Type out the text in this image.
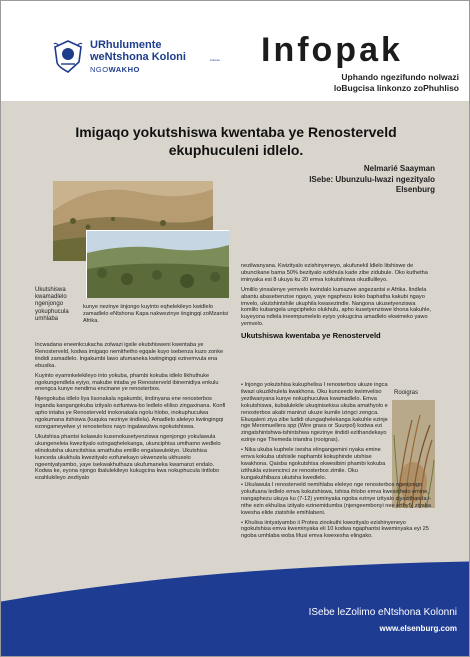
URhulumente
weNtshona Koloni	Kolonie
NGOWAKHO
Infopak
Uphando ngezifundo nolwazi
loBugcisa linkonzo zoPhuhliso
Imigaqo yokutshiswa kwentaba ye Renosterveld ekuphuculeni idlelo.
Nelmarié Saayman
ISebe: Ubunzulu-lwazi ngezityalo
Elsenburg
Ukutshiswa kwamadlelo ngenjongo yokuphucula umhlaba

kunye nezinye iinjongo kuyinto eqhelekileyo kwidlelo zamadlelo eNtshona Kapa nakwezinye iingingqi zoMzantsi Afrika.

Incwadana eneenkcukacha zolwazi igxile ekutshisweni kwentaba ye Renosterveld, kodwa imigaqo nemithetho egqale kuyo isebenza kuzo zonke iindidi zamadlelo. Ingakumbi lawo afumaneka kwiingingqi ezinemvula ena ebusika.

Kuyinto eyamnkelekileyo into yokuba, phambi kokuba idlelo likhuthuke ngokungendlela eyiyo, makube intaba ye Renosterveld ibinemidiya enkulu enengca kunye nendima encinane ye renosterbos.

Njengokuba idlelo liya lisonakala ngakumbi, iindinyana ene renosterbos inganda kangangokuba izityalo ezifuniwa-bo ledlelo eliliso zingaxinana. Konfl apho intaba ye Renosterveld inokonakala ngolu hlobo, inokuphuculwa ngokumana itshiswa (kuquka nezinye iindlela). Amadlelo aleleyo kwiingingqi ezongameyelwe yi renosterbos nayo ingalawulwa ngokutshiswa.

Ukutshisa phantsi kolawulo kusenokusetyenziswa ngenjongo yokulawula ukungeneleia kwezityalo ezingaqhelekanga, ukunciphisa umthamo wedlelo elinokutsha ukuncitshisa amathuba emililo engalawulekiyo. Ukutshisa kunceda ukukhula kwezityalo ezifunekayo ukwenzela ukhuselo ngeentyatyambo, yaye isekwakhuthaza ukufumaneka kwamanzi endalo. Kodwa ke, eyona njongo ibalulekileyo kukugcina kwa nokuphucula iintlobo ezahlukileyo zezityalo

nezilwanyana. Kwizityalo ezishinyeneyo, akufunekil ldlelo litshiswe de ubuncikane bama 50% bezityalo ezikhula kade zibe zidubule. Oko kuthetha iminyaka esi 8 ukuya ku 20 emva kokutshiswa okudlulileyo.

Umililo yinxalenye yemvelo kwindalo kumazwe angezantsi e Afrika. Iindlela abantu abasebenzise ngayo, yaye ngaphezu koko baphatha kakubi ngayo imvelo, ukutshintshile ukuphila kwasezindle. Nangona ukusetyenziswa komlilo kubangela ungcipheko olukhulu, apho kusetyenziswe khona kakuhle, kuyeyona ndlela ineempumelelo eyiyo yokugcina amadlelo ekwimeko yawo yemvelo.

Ukutshiswa kwentaba ye Renosterveld

• Injongo yokutshisa kukuphelisa I renosterbos ukuze ingca ilwazi ukuzikhulela kwakhona. Oku kunceedo kwimveliso yezilwanyana kunye nokuphuculwa kwamadlelo. Emva kokutshiswa, kubalulekile ukuqinisekisa ukuba amathyolo e renosterbos akabi maninzi ukuze kumile izingci zengca. Ekuqaleni ziya zibe ludidi olungaqhelekanga kakuhle ezinje nge Merxmuellera spp (Wire grass or Suurpol) kodwa ezi zingatshintshwa-tshintshwa ngezinye iindidi ezithandekayo ezinje nge Themeda triandra (rooigras).

• Nika ukuba kuphele ixesha elingangemini nyaka emine emva kokuba utshisile naphambi kokuphinde utshise kwakhona. Qaisba ngokutshisa okwesibini phambi kokuba izithukla ezisencinci ze renosterbos zimile. Oku kungakuthibaza ukutsha kwedlelo.

Rooigras

• Ukulawula I renosterveld nemihlaba eleleyo nge renosterbos ngenjongo yokufuana ledlelo emva kokutshiswa, tshisa ihlobo emva kwesiqhelo emine, nangaphezu ukuya ku (7-12) yeminyaka ngoba ezinye izityalo ziyazithanda i-nthe ezin ekhulisa izityalo ezinemidumba (njengeembonyi nee erthyl), ziyaba kwesha elide ziatshile emihlabeni.

• Khulisa iintyatyambo ii Protea zinokuthi kwezityalo ezishinyeneyo ngokutshisa emva kweminyaka eli 10 kodwa ngaphantsi kweminyaka eyi 25 ngoba umhlaba woba lifusi emva kwexesha elingako.

ISebe leZolimo eNtshona Kolonni
www.elsenburg.com
